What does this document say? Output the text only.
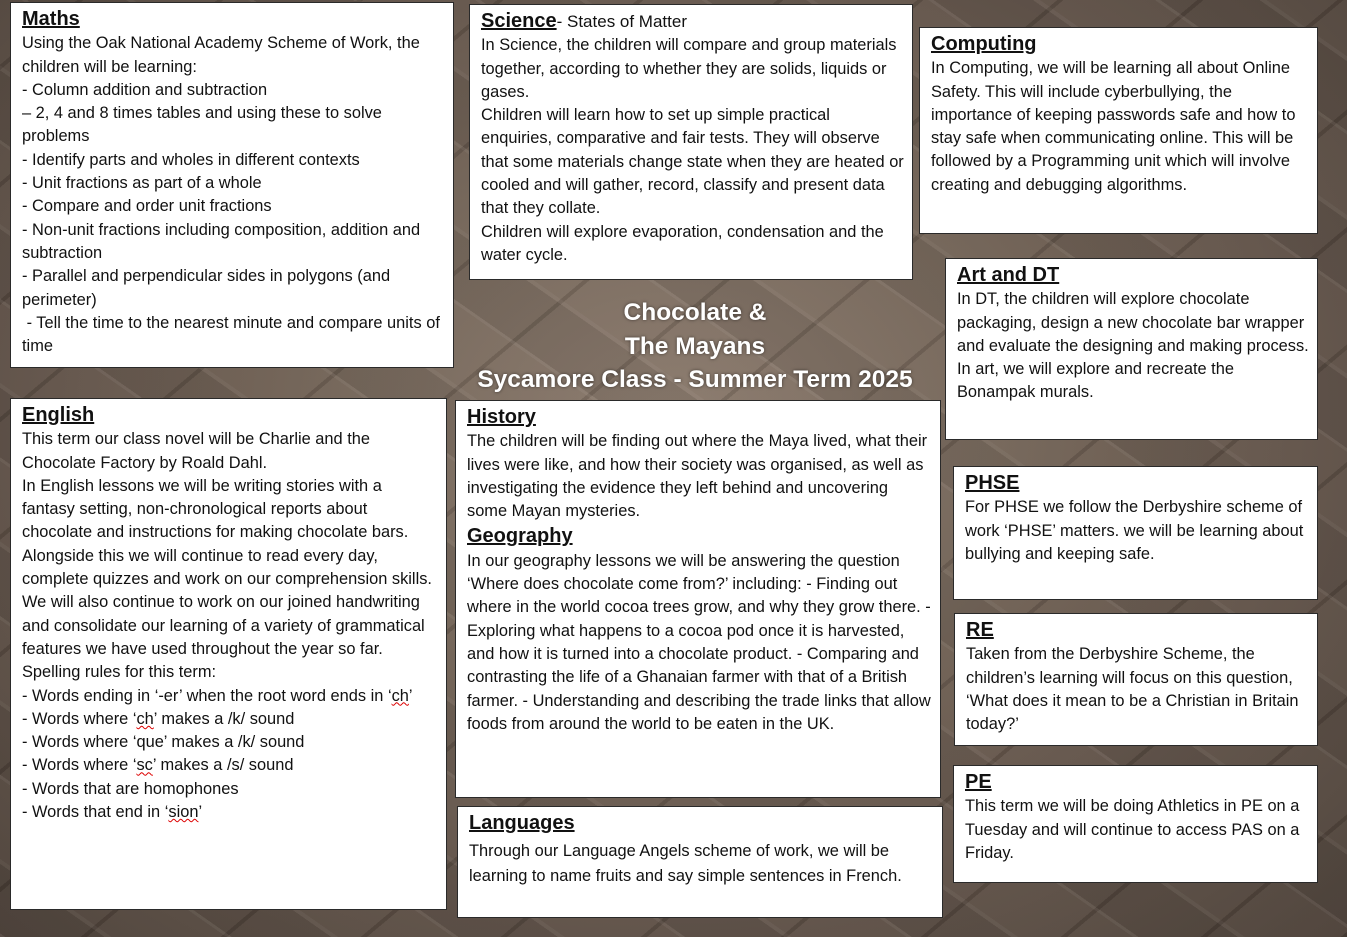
Maths

Using the Oak National Academy Scheme of Work, the children will be learning:

- Column addition and subtraction
– 2, 4 and 8 times tables and using these to solve problems
- Identify parts and wholes in different contexts
- Unit fractions as part of a whole
- Compare and order unit fractions
- Non-unit fractions including composition, addition and subtraction
- Parallel and perpendicular sides in polygons (and perimeter)
- Tell the time to the nearest minute and compare units of time
Science- States of Matter

In Science, the children will compare and group materials together, according to whether they are solids, liquids or gases.

Children will learn how to set up simple practical enquiries, comparative and fair tests. They will observe that some materials change state when they are heated or cooled and will gather, record, classify and present data that they collate.

Children will explore evaporation, condensation and the water cycle.

Computing

In Computing, we will be learning all about Online Safety. This will include cyberbullying, the importance of keeping passwords safe and how to stay safe when communicating online. This will be followed by a Programming unit which will involve creating and debugging algorithms.

Art and DT

In DT, the children will explore chocolate packaging, design a new chocolate bar wrapper and evaluate the designing and making process.

In art, we will explore and recreate the Bonampak murals.

Chocolate &
The Mayans
Sycamore Class - Summer Term 2025
English

This term our class novel will be Charlie and the Chocolate Factory by Roald Dahl.

In English lessons we will be writing stories with a fantasy setting, non-chronological reports about chocolate and instructions for making chocolate bars.

Alongside this we will continue to read every day, complete quizzes and work on our comprehension skills. We will also continue to work on our joined handwriting and consolidate our learning of a variety of grammatical features we have used throughout the year so far.

Spelling rules for this term:

- Words ending in ‘-er’ when the root word ends in ‘ch’
- Words where ‘ch’ makes a /k/ sound
- Words where ‘que’ makes a /k/ sound
- Words where ‘sc’ makes a /s/ sound
- Words that are homophones
- Words that end in ‘sion’
History

The children will be finding out where the Maya lived, what their lives were like, and how their society was organised, as well as investigating the evidence they left behind and uncovering some Mayan mysteries.

Geography

In our geography lessons we will be answering the question ‘Where does chocolate come from?’ including: - Finding out where in the world cocoa trees grow, and why they grow there. - Exploring what happens to a cocoa pod once it is harvested, and how it is turned into a chocolate product. - Comparing and contrasting the life of a Ghanaian farmer with that of a British farmer. - Understanding and describing the trade links that allow foods from around the world to be eaten in the UK.

Languages

Through our Language Angels scheme of work, we will be learning to name fruits and say simple sentences in French.

PHSE

For PHSE we follow the Derbyshire scheme of work ‘PHSE’ matters. we will be learning about bullying and keeping safe.

RE

Taken from the Derbyshire Scheme, the children’s learning will focus on this question, ‘What does it mean to be a Christian in Britain today?’

PE

This term we will be doing Athletics in PE on a Tuesday and will continue to access PAS on a Friday.
